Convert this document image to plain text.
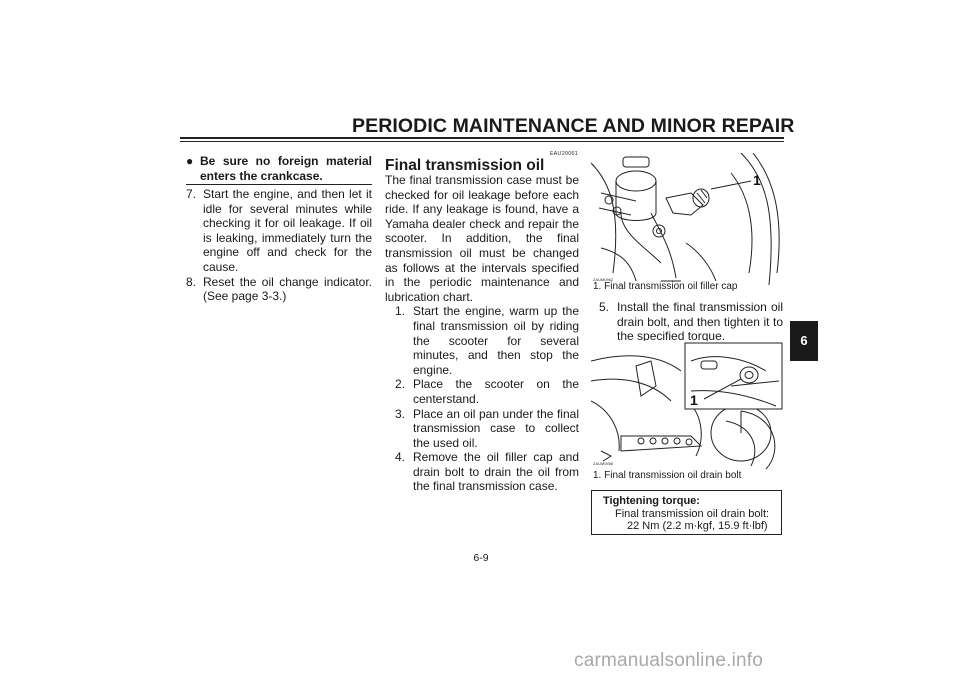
PERIODIC MAINTENANCE AND MINOR REPAIR
● Be sure no foreign material enters the crankcase.
7. Start the engine, and then let it idle for several minutes while checking it for oil leakage. If oil is leaking, immediately turn the engine off and check for the cause.
8. Reset the oil change indicator. (See page 3-3.)
EAU20061
Final transmission oil

The final transmission case must be checked for oil leakage before each ride. If any leakage is found, have a Yamaha dealer check and repair the scooter. In addition, the final transmission oil must be changed as follows at the intervals specified in the periodic maintenance and lubrication chart.

1. Start the engine, warm up the final transmission oil by riding the scooter for several minutes, and then stop the engine.
2. Place the scooter on the centerstand.
3. Place an oil pan under the final transmission case to collect the used oil.
4. Remove the oil filler cap and drain bolt to drain the oil from the final transmission case.
1
ZAUM0962
1. Final transmission oil filler cap
5. Install the final transmission oil drain bolt, and then tighten it to the specified torque.
1
ZAUM0958
1. Final transmission oil drain bolt
Tightening torque:
Final transmission oil drain bolt:
22 Nm (2.2 m·kgf, 15.9 ft·lbf)
6
6-9
carmanualsonline.info
